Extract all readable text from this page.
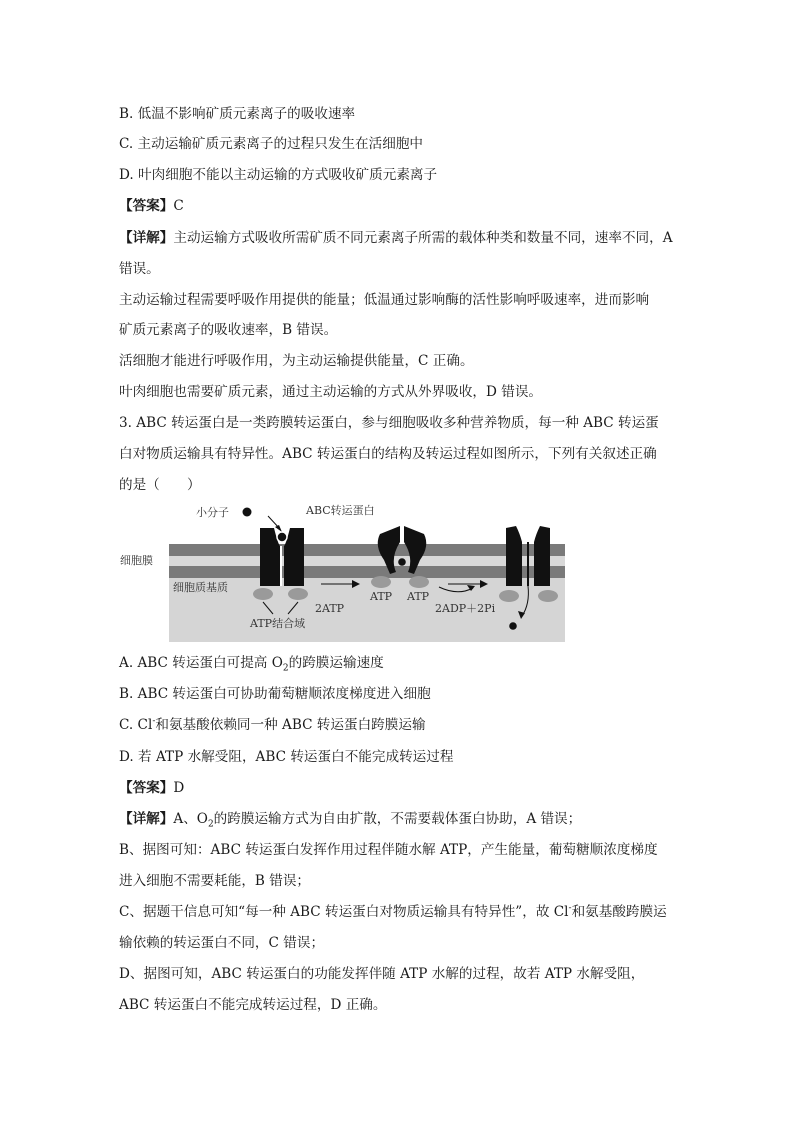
B. 低温不影响矿质元素离子的吸收速率
C. 主动运输矿质元素离子的过程只发生在活细胞中
D. 叶肉细胞不能以主动运输的方式吸收矿质元素离子
【答案】C
【详解】主动运输方式吸收所需矿质不同元素离子所需的载体种类和数量不同，速率不同，A
错误。
主动运输过程需要呼吸作用提供的能量；低温通过影响酶的活性影响呼吸速率，进而影响
矿质元素离子的吸收速率，B 错误。
活细胞才能进行呼吸作用，为主动运输提供能量，C 正确。
叶肉细胞也需要矿质元素，通过主动运输的方式从外界吸收，D 错误。
3. ABC 转运蛋白是一类跨膜转运蛋白，参与细胞吸收多种营养物质，每一种 ABC 转运蛋
白对物质运输具有特异性。ABC 转运蛋白的结构及转运过程如图所示，下列有关叙述正确
的是（　　）
小分子	ABC转运蛋白
细胞膜
细胞质基质
ATP结合域
2ATP
ATP ATP
2ADP＋2Pi
A. ABC 转运蛋白可提高 $O_2$的跨膜运输速度
B. ABC 转运蛋白可协助葡萄糖顺浓度梯度进入细胞
C. Cl-和氨基酸依赖同一种 ABC 转运蛋白跨膜运输
D. 若 ATP 水解受阻，ABC 转运蛋白不能完成转运过程
【答案】D
【详解】A、$O_2$的跨膜运输方式为自由扩散，不需要载体蛋白协助，A 错误；
B、据图可知：ABC 转运蛋白发挥作用过程伴随水解 ATP，产生能量，葡萄糖顺浓度梯度
进入细胞不需要耗能，B 错误；
C、据题干信息可知“每一种 ABC 转运蛋白对物质运输具有特异性”，故 Cl-和氨基酸跨膜运
输依赖的转运蛋白不同，C 错误；
D、据图可知，ABC 转运蛋白的功能发挥伴随 ATP 水解的过程，故若 ATP 水解受阻，
ABC 转运蛋白不能完成转运过程，D 正确。
